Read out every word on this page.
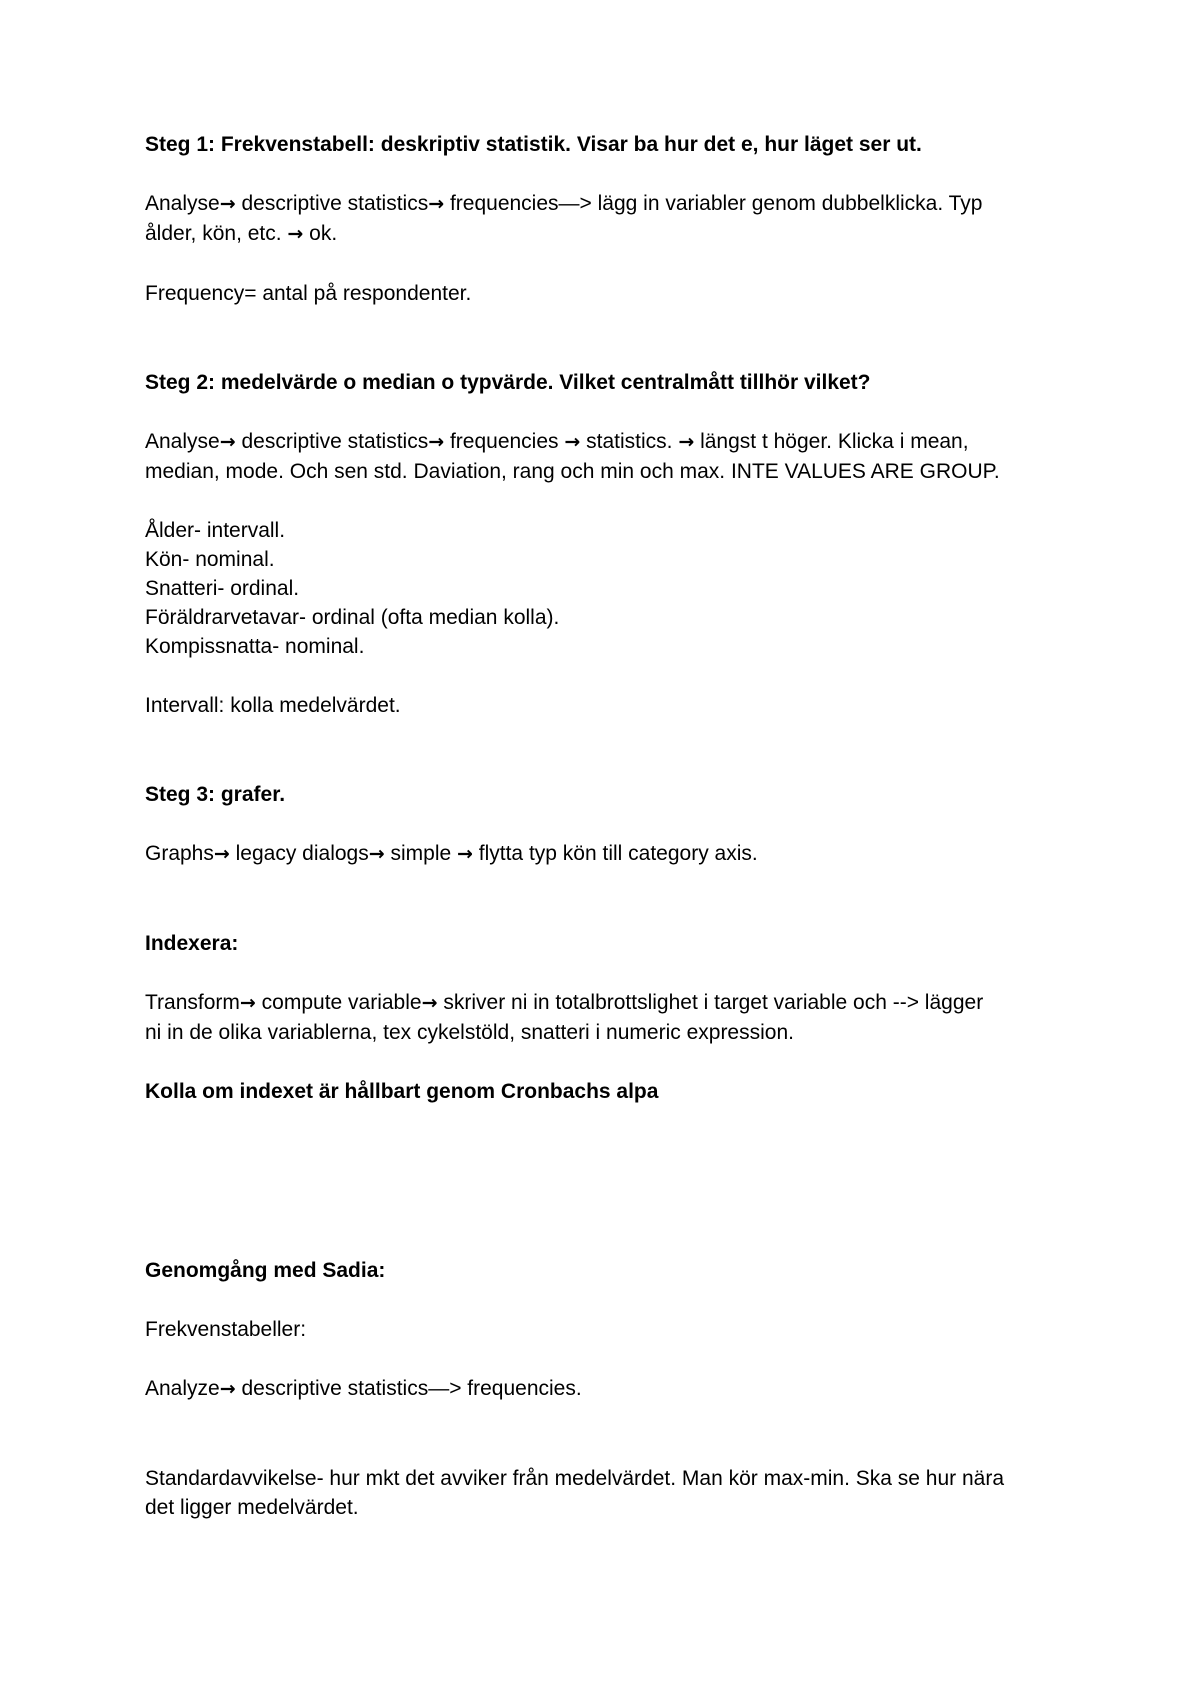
Steg 1: Frekvenstabell: deskriptiv statistik. Visar ba hur det e, hur läget ser ut.

Analyse→ descriptive statistics→ frequencies—> lägg in variabler genom dubbelklicka. Typ
ålder, kön, etc. → ok.

Frequency= antal på respondenter.

Steg 2: medelvärde o median o typvärde. Vilket centralmått tillhör vilket?

Analyse→ descriptive statistics→ frequencies → statistics. → längst t höger. Klicka i mean,
median, mode. Och sen std. Daviation, rang och min och max. INTE VALUES ARE GROUP.

Ålder- intervall.
Kön- nominal.
Snatteri- ordinal.
Föräldrarvetavar- ordinal (ofta median kolla).
Kompissnatta- nominal.

Intervall: kolla medelvärdet.

Steg 3: grafer.

Graphs→ legacy dialogs→ simple → flytta typ kön till category axis.

Indexera:

Transform→ compute variable→ skriver ni in totalbrottslighet i target variable och --> lägger
ni in de olika variablerna, tex cykelstöld, snatteri i numeric expression.

Kolla om indexet är hållbart genom Cronbachs alpa

Genomgång med Sadia:

Frekvenstabeller:

Analyze→ descriptive statistics—> frequencies.

Standardavvikelse- hur mkt det avviker från medelvärdet. Man kör max-min. Ska se hur nära
det ligger medelvärdet.
